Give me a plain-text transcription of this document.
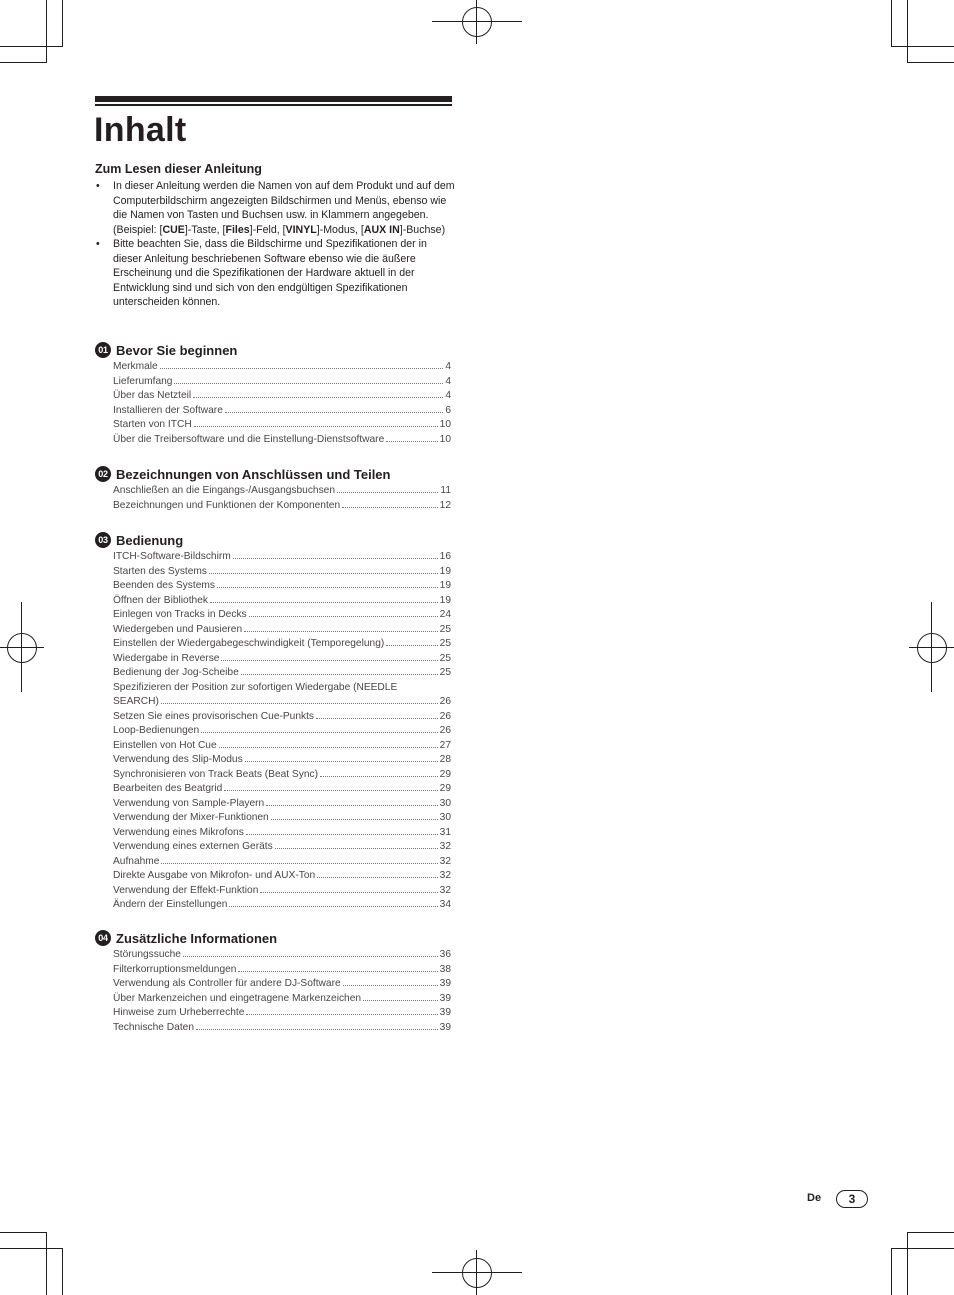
Inhalt

Zum Lesen dieser Anleitung

• In dieser Anleitung werden die Namen von auf dem Produkt und auf dem Computerbildschirm angezeigten Bildschirmen und Menüs, ebenso wie die Namen von Tasten und Buchsen usw. in Klammern angegeben. (Beispiel: [CUE]-Taste, [Files]-Feld, [VINYL]-Modus, [AUX IN]-Buchse)
• Bitte beachten Sie, dass die Bildschirme und Spezifikationen der in dieser Anleitung beschriebenen Software ebenso wie die äußere Erscheinung und die Spezifikationen der Hardware aktuell in der Entwicklung sind und sich von den endgültigen Spezifikationen unterscheiden können.
01 Bevor Sie beginnen
Merkmale	4
Lieferumfang	4
Über das Netzteil	4
Installieren der Software	6
Starten von ITCH	10
Über die Treibersoftware und die Einstellung-Dienstsoftware	10
02 Bezeichnungen von Anschlüssen und Teilen
Anschließen an die Eingangs-/Ausgangsbuchsen	11
Bezeichnungen und Funktionen der Komponenten	12
03 Bedienung
ITCH-Software-Bildschirm	16
Starten des Systems	19
Beenden des Systems	19
Öffnen der Bibliothek	19
Einlegen von Tracks in Decks	24
Wiedergeben und Pausieren	25
Einstellen der Wiedergabegeschwindigkeit (Temporegelung)	25
Wiedergabe in Reverse	25
Bedienung der Jog-Scheibe	25
Spezifizieren der Position zur sofortigen Wiedergabe (NEEDLE
SEARCH)	26
Setzen Sie eines provisorischen Cue-Punkts	26
Loop-Bedienungen	26
Einstellen von Hot Cue	27
Verwendung des Slip-Modus	28
Synchronisieren von Track Beats (Beat Sync)	29
Bearbeiten des Beatgrid	29
Verwendung von Sample-Playern	30
Verwendung der Mixer-Funktionen	30
Verwendung eines Mikrofons	31
Verwendung eines externen Geräts	32
Aufnahme	32
Direkte Ausgabe von Mikrofon- und AUX-Ton	32
Verwendung der Effekt-Funktion	32
Ändern der Einstellungen	34
04 Zusätzliche Informationen
Störungssuche	36
Filterkorruptionsmeldungen	38
Verwendung als Controller für andere DJ-Software	39
Über Markenzeichen und eingetragene Markenzeichen	39
Hinweise zum Urheberrechte	39
Technische Daten	39
De	3
